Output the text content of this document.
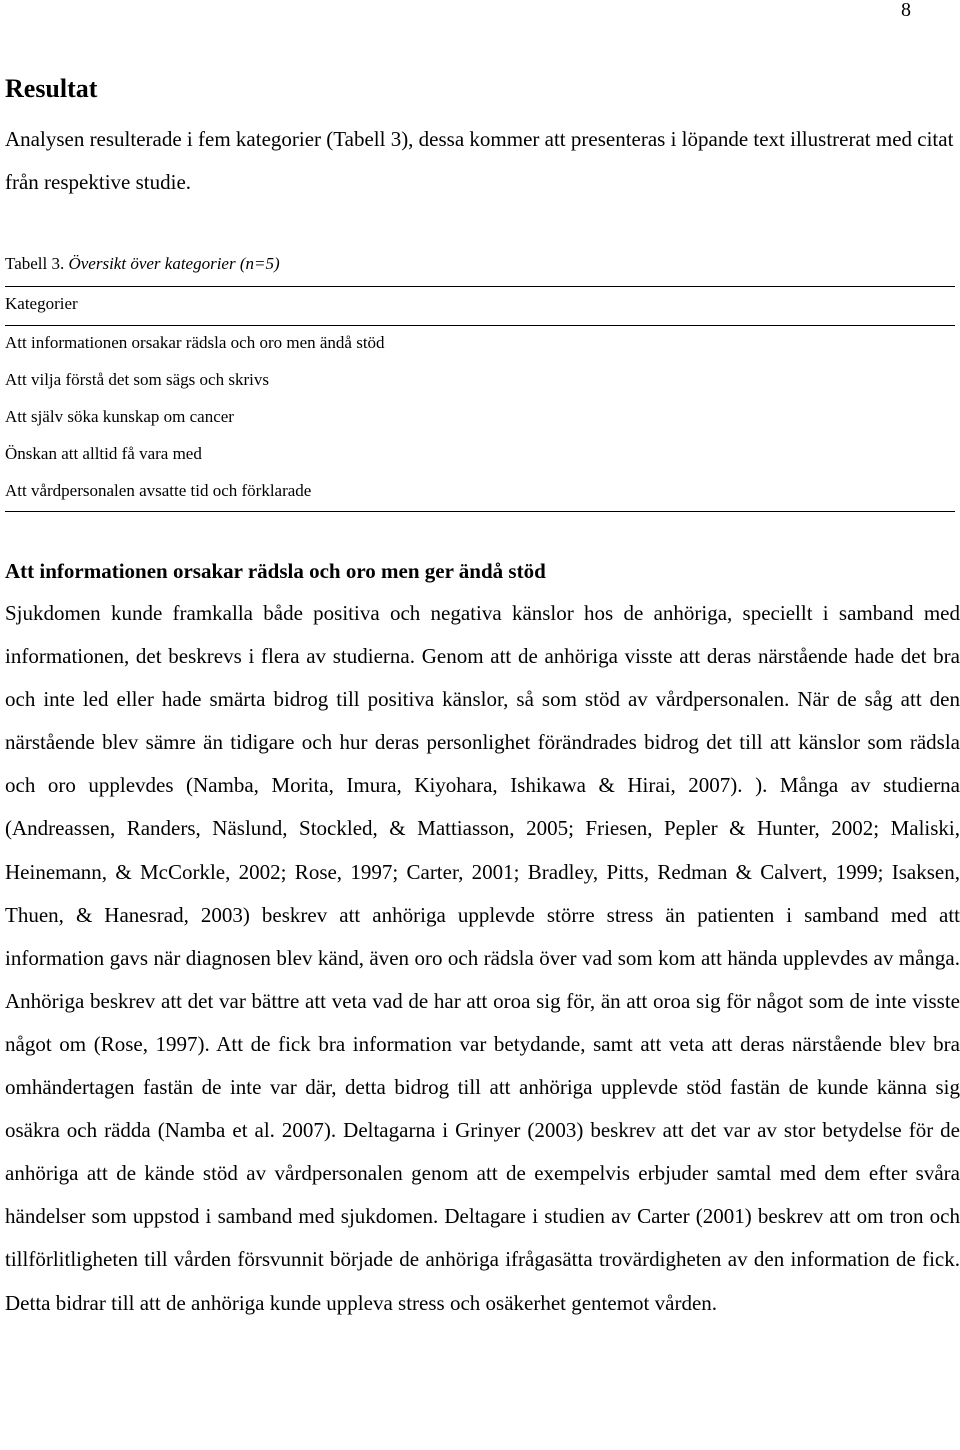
8
Resultat

Analysen resulterade i fem kategorier (Tabell 3), dessa kommer att presenteras i löpande text illustrerat med citat från respektive studie.

Tabell 3. Översikt över kategorier (n=5)
Kategorier
Att informationen orsakar rädsla och oro men ändå stöd
Att vilja förstå det som sägs och skrivs
Att själv söka kunskap om cancer
Önskan att alltid få vara med
Att vårdpersonalen avsatte tid och förklarade
Att informationen orsakar rädsla och oro men ger ändå stöd

Sjukdomen kunde framkalla både positiva och negativa känslor hos de anhöriga, speciellt i samband med informationen, det beskrevs i flera av studierna. Genom att de anhöriga visste att deras närstående hade det bra och inte led eller hade smärta bidrog till positiva känslor, så som stöd av vårdpersonalen. När de såg att den närstående blev sämre än tidigare och hur deras personlighet förändrades bidrog det till att känslor som rädsla och oro upplevdes (Namba, Morita, Imura, Kiyohara, Ishikawa & Hirai, 2007). ). Många av studierna (Andreassen, Randers, Näslund, Stockled, & Mattiasson, 2005; Friesen, Pepler & Hunter, 2002; Maliski, Heinemann, & McCorkle, 2002; Rose, 1997; Carter, 2001; Bradley, Pitts, Redman & Calvert, 1999; Isaksen, Thuen, & Hanesrad, 2003) beskrev att anhöriga upplevde större stress än patienten i samband med att information gavs när diagnosen blev känd, även oro och rädsla över vad som kom att hända upplevdes av många. Anhöriga beskrev att det var bättre att veta vad de har att oroa sig för, än att oroa sig för något som de inte visste något om (Rose, 1997). Att de fick bra information var betydande, samt att veta att deras närstående blev bra omhändertagen fastän de inte var där, detta bidrog till att anhöriga upplevde stöd fastän de kunde känna sig osäkra och rädda (Namba et al. 2007). Deltagarna i Grinyer (2003) beskrev att det var av stor betydelse för de anhöriga att de kände stöd av vårdpersonalen genom att de exempelvis erbjuder samtal med dem efter svåra händelser som uppstod i samband med sjukdomen. Deltagare i studien av Carter (2001) beskrev att om tron och tillförlitligheten till vården försvunnit började de anhöriga ifrågasätta trovärdigheten av den information de fick. Detta bidrar till att de anhöriga kunde uppleva stress och osäkerhet gentemot vården.
